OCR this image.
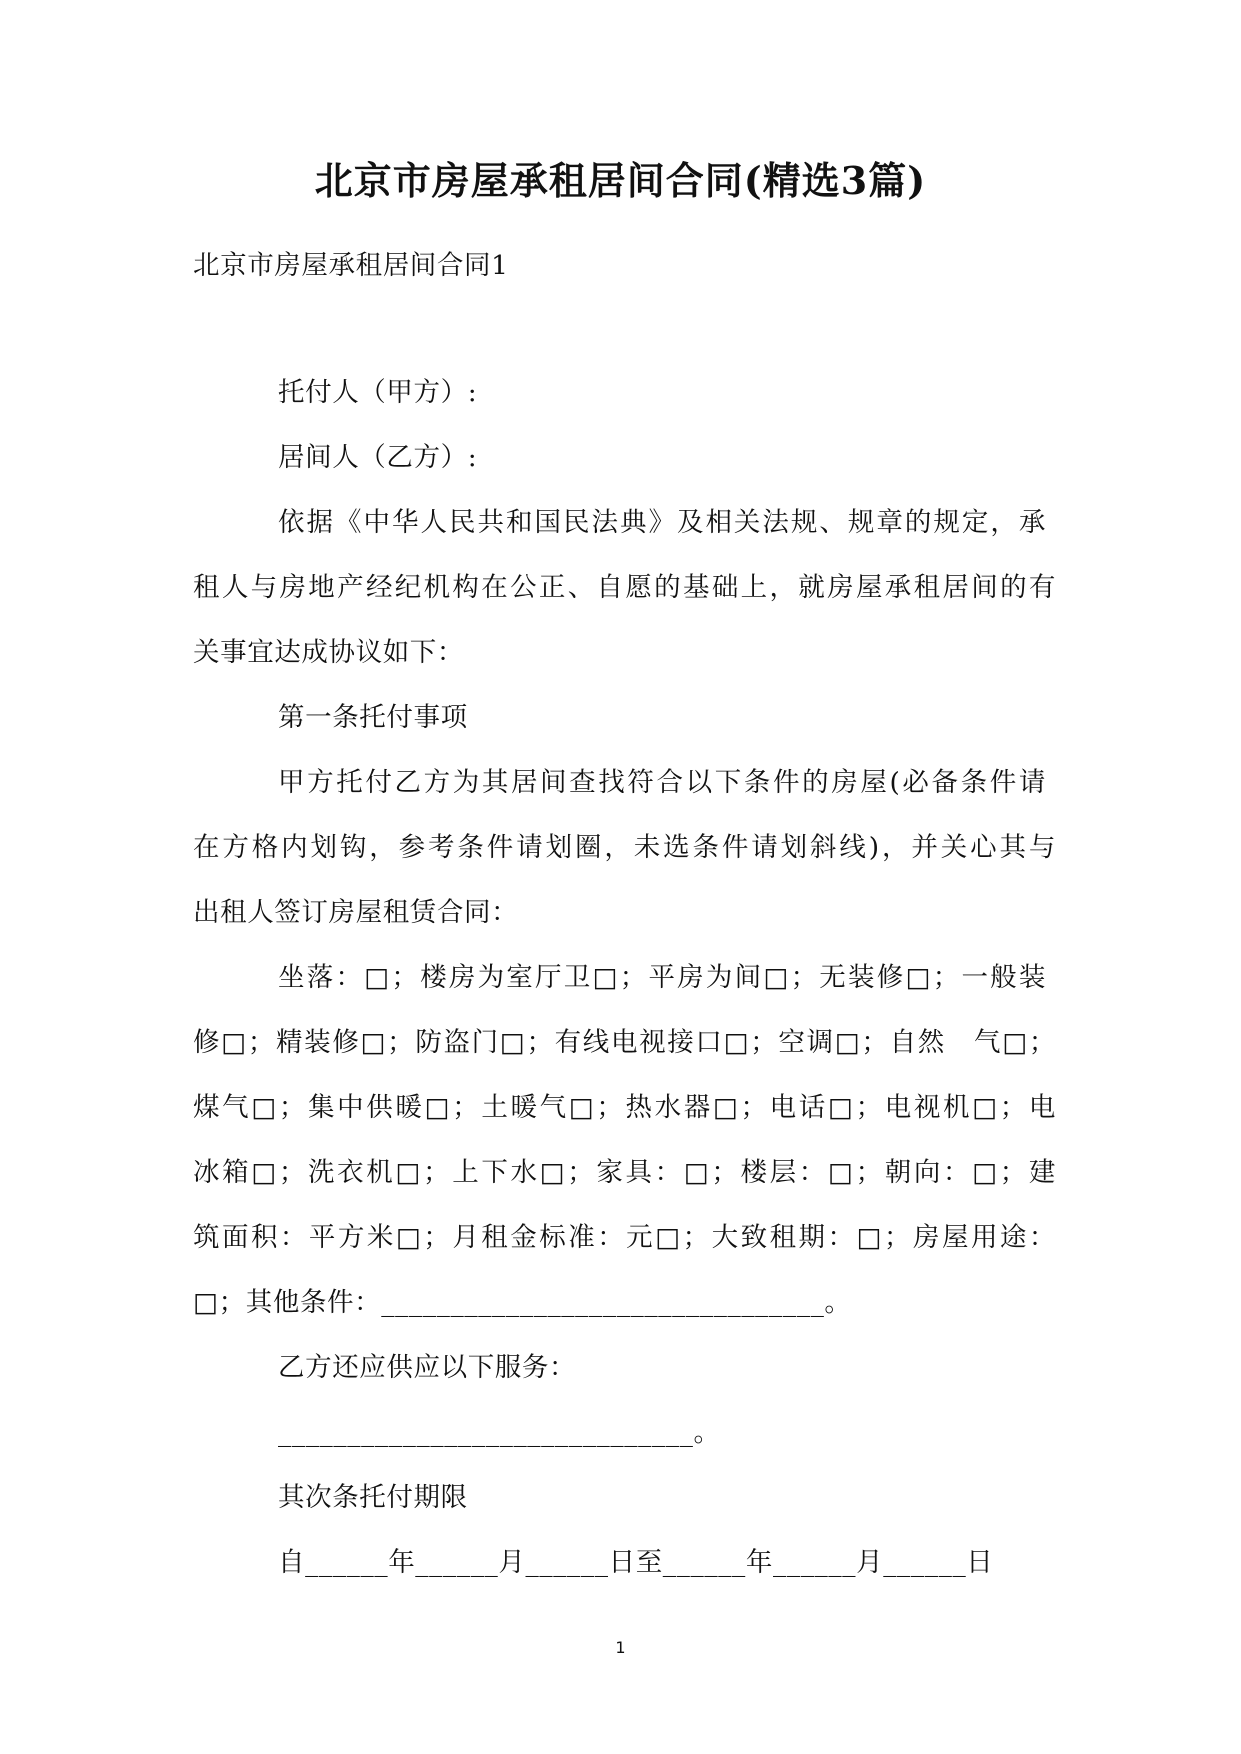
北京市房屋承租居间合同(精选3篇)
北京市房屋承租居间合同1
托付人（甲方）:
居间人（乙方）:
依据《中华人民共和国民法典》及相关法规、规章的规定，承
租人与房地产经纪机构在公正、自愿的基础上，就房屋承租居间的有
关事宜达成协议如下：
第一条托付事项
甲方托付乙方为其居间查找符合以下条件的房屋(必备条件请
在方格内划钩，参考条件请划圈，未选条件请划斜线)，并关心其与
出租人签订房屋租赁合同：
坐落：□；楼房为室厅卫□；平房为间□；无装修□；一般装
修□；精装修□；防盗门□；有线电视接口□；空调□；自然　气□；
煤气□；集中供暖□；土暖气□；热水器□；电话□；电视机□；电
冰箱□；洗衣机□；上下水□；家具：□；楼层：□；朝向：□；建
筑面积：平方米□；月租金标准：元□；大致租期：□；房屋用途：
□；其他条件：________________________________。
乙方还应供应以下服务：
______________________________。
其次条托付期限
自______年______月______日至______年______月______日
1
